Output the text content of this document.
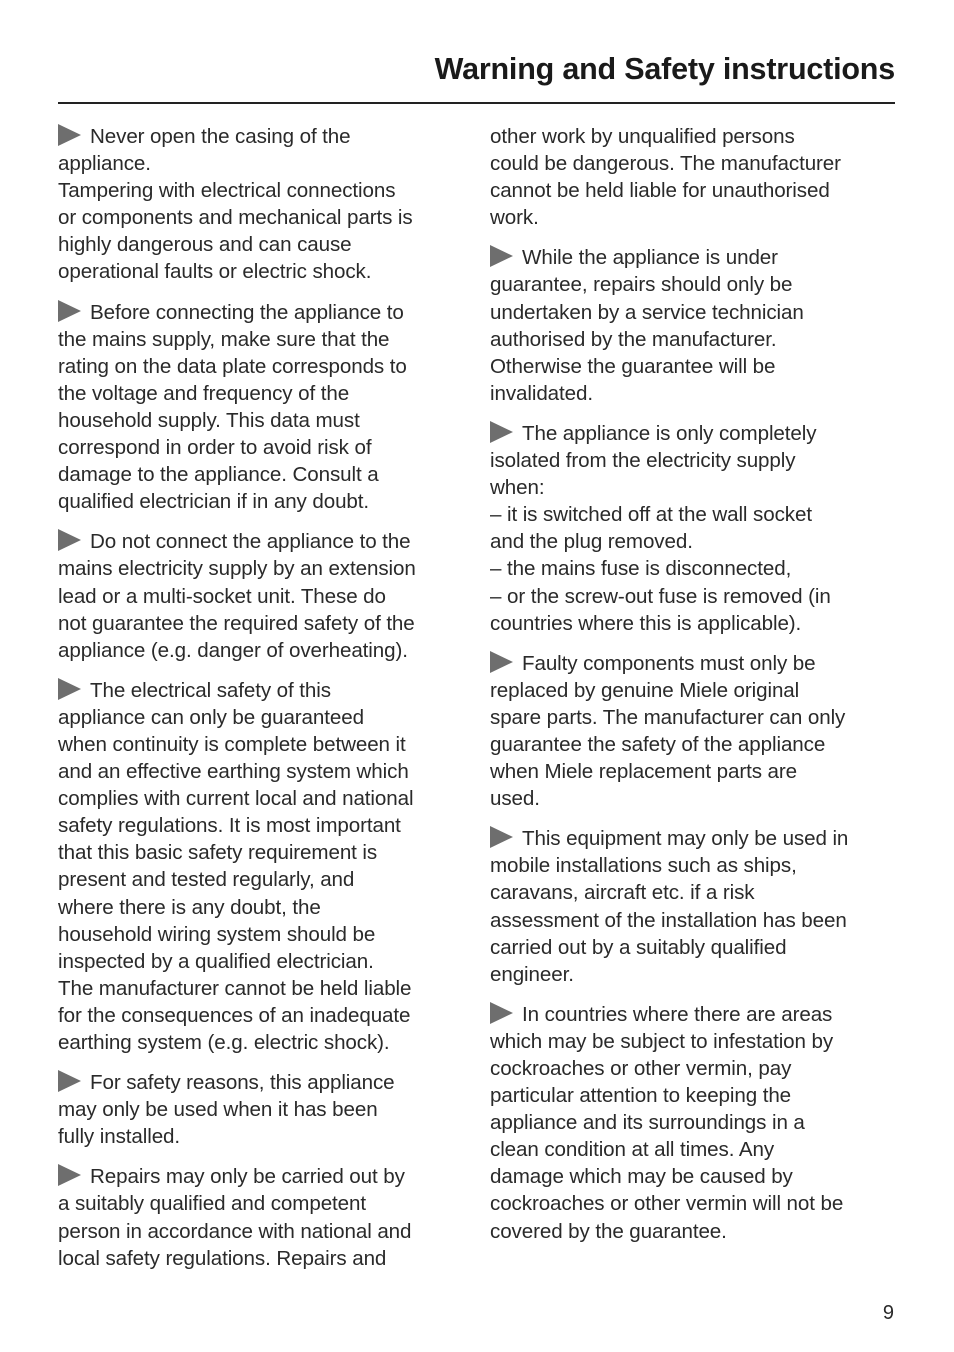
Warning and Safety instructions
Never open the casing of the
appliance.
Tampering with electrical connections
or components and mechanical parts is
highly dangerous and can cause
operational faults or electric shock.
Before connecting the appliance to
the mains supply, make sure that the
rating on the data plate corresponds to
the voltage and frequency of the
household supply. This data must
correspond in order to avoid risk of
damage to the appliance. Consult a
qualified electrician if in any doubt.
Do not connect the appliance to the
mains electricity supply by an extension
lead or a multi-socket unit. These do
not guarantee the required safety of the
appliance (e.g. danger of overheating).
The electrical safety of this
appliance can only be guaranteed
when continuity is complete between it
and an effective earthing system which
complies with current local and national
safety regulations. It is most important
that this basic safety requirement is
present and tested regularly, and
where there is any doubt, the
household wiring system should be
inspected by a qualified electrician.
The manufacturer cannot be held liable
for the consequences of an inadequate
earthing system (e.g. electric shock).
For safety reasons, this appliance
may only be used when it has been
fully installed.
Repairs may only be carried out by
a suitably qualified and competent
person in accordance with national and
local safety regulations. Repairs and
other work by unqualified persons
could be dangerous. The manufacturer
cannot be held liable for unauthorised
work.
While the appliance is under
guarantee, repairs should only be
undertaken by a service technician
authorised by the manufacturer.
Otherwise the guarantee will be
invalidated.
The appliance is only completely
isolated from the electricity supply
when:
– it is switched off at the wall socket
and the plug removed.
– the mains fuse is disconnected,
– or the screw-out fuse is removed (in
countries where this is applicable).
Faulty components must only be
replaced by genuine Miele original
spare parts. The manufacturer can only
guarantee the safety of the appliance
when Miele replacement parts are
used.
This equipment may only be used in
mobile installations such as ships,
caravans, aircraft etc. if a risk
assessment of the installation has been
carried out by a suitably qualified
engineer.
In countries where there are areas
which may be subject to infestation by
cockroaches or other vermin, pay
particular attention to keeping the
appliance and its surroundings in a
clean condition at all times. Any
damage which may be caused by
cockroaches or other vermin will not be
covered by the guarantee.
9
